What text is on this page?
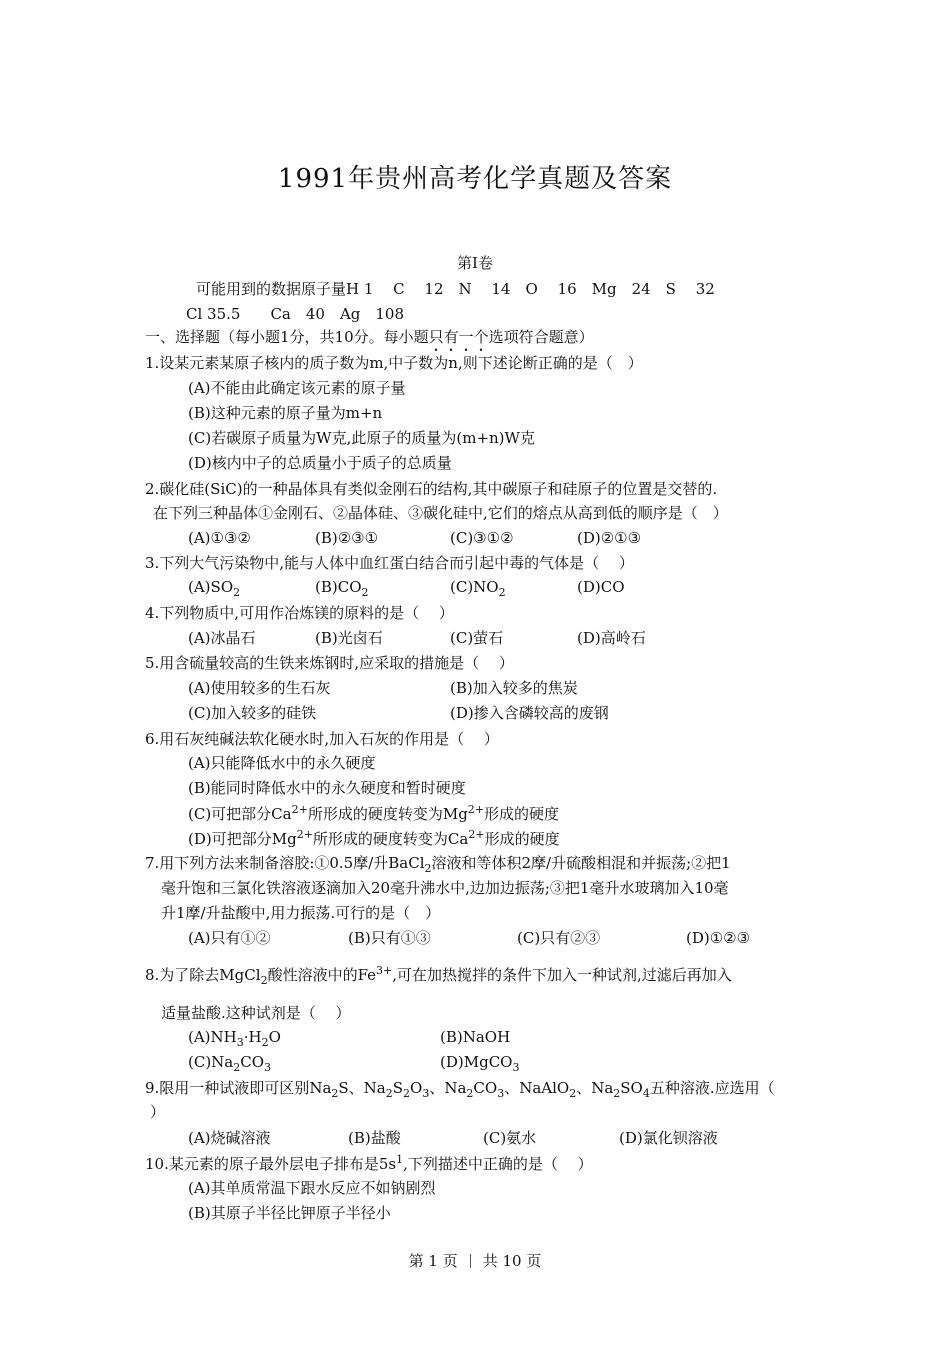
1991年贵州高考化学真题及答案
第Ⅰ卷
可能用到的数据原子量H 1 　C　 12　N　 14　O　 16　Mg　24　S　 32
Cl 35.5　　Ca　40　Ag　108
一、选择题（每小题1分，共10分。每小题只有一个选项符合题意）
1.设某元素某原子核内的质子数为m,中子数为n,则下述论断正确的是（　）
(A)不能由此确定该元素的原子量
(B)这种元素的原子量为m+n
(C)若碳原子质量为W克,此原子的质量为(m+n)W克
(D)核内中子的总质量小于质子的总质量
2.碳化硅(SiC)的一种晶体具有类似金刚石的结构,其中碳原子和硅原子的位置是交替的.
在下列三种晶体①金刚石、②晶体硅、③碳化硅中,它们的熔点从高到低的顺序是（　）
(A)①③②	(B)②③①	(C)③①②	(D)②①③
3.下列大气污染物中,能与人体中血红蛋白结合而引起中毒的气体是（　 ）
$(A)SO_2$	$(B)CO_2$	$(C)NO_2$	(D)CO
4.下列物质中,可用作冶炼镁的原料的是（　 ）
(A)冰晶石	(B)光卤石	(C)萤石	(D)高岭石
5.用含硫量较高的生铁来炼钢时,应采取的措施是（　 ）
(A)使用较多的生石灰	(B)加入较多的焦炭
(C)加入较多的硅铁	(D)掺入含磷较高的废钢
6.用石灰纯碱法软化硬水时,加入石灰的作用是（　 ）
(A)只能降低水中的永久硬度
(B)能同时降低水中的永久硬度和暂时硬度
(C)可把部分$Ca^{2+}$所形成的硬度转变为$Mg^{2+}$形成的硬度
(D)可把部分$Mg^{2+}$所形成的硬度转变为$Ca^{2+}$形成的硬度
7.用下列方法来制备溶胶:①0.5摩/升BaCl$_2$溶液和等体积2摩/升硫酸相混和并振荡;②把1
毫升饱和三氯化铁溶液逐滴加入20毫升沸水中,边加边振荡;③把1毫升水玻璃加入10毫
升1摩/升盐酸中,用力振荡.可行的是（　）
(A)只有①②	(B)只有①③	(C)只有②③	(D)①②③
8.为了除去MgCl$_2$酸性溶液中的$Fe^{3+}$,可在加热搅拌的条件下加入一种试剂,过滤后再加入
适量盐酸.这种试剂是（　 ）
$(A)NH_3\cdot H_2O$	(B)NaOH
$(C)Na_2CO_3$	(D)MgCO$_3$
9.限用一种试液即可区别$Na_2S$、$Na_2S_2O_3$、$Na_2CO_3$、NaAlO$_2$、$Na_2SO_4$五种溶液.应选用（
）
(A)烧碱溶液	(B)盐酸	(C)氨水	(D)氯化钡溶液
10.某元素的原子最外层电子排布是$5s^1$,下列描述中正确的是（　 ）
(A)其单质常温下跟水反应不如钠剧烈
(B)其原子半径比钾原子半径小
第 1 页 共 10 页
